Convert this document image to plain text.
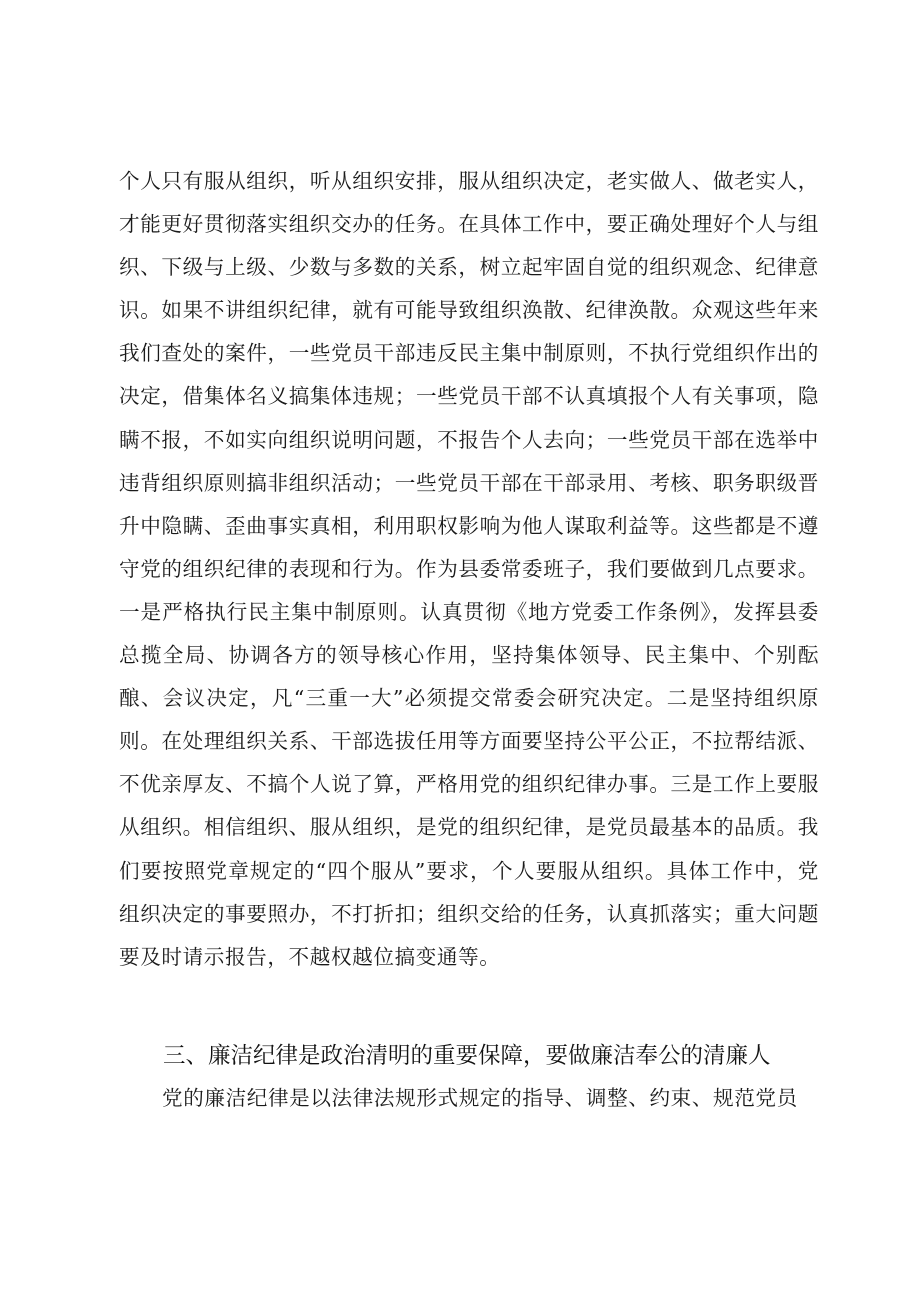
个人只有服从组织，听从组织安排，服从组织决定，老实做人、做老实人，才能更好贯彻落实组织交办的任务。在具体工作中，要正确处理好个人与组织、下级与上级、少数与多数的关系，树立起牢固自觉的组织观念、纪律意识。如果不讲组织纪律，就有可能导致组织涣散、纪律涣散。众观这些年来我们查处的案件，一些党员干部违反民主集中制原则，不执行党组织作出的决定，借集体名义搞集体违规；一些党员干部不认真填报个人有关事项，隐瞒不报，不如实向组织说明问题，不报告个人去向；一些党员干部在选举中违背组织原则搞非组织活动；一些党员干部在干部录用、考核、职务职级晋升中隐瞒、歪曲事实真相，利用职权影响为他人谋取利益等。这些都是不遵守党的组织纪律的表现和行为。作为县委常委班子，我们要做到几点要求。一是严格执行民主集中制原则。认真贯彻《地方党委工作条例》，发挥县委总揽全局、协调各方的领导核心作用，坚持集体领导、民主集中、个别酝酿、会议决定，凡“三重一大”必须提交常委会研究决定。二是坚持组织原则。在处理组织关系、干部选拔任用等方面要坚持公平公正，不拉帮结派、不优亲厚友、不搞个人说了算，严格用党的组织纪律办事。三是工作上要服从组织。相信组织、服从组织，是党的组织纪律，是党员最基本的品质。我们要按照党章规定的“四个服从”要求，个人要服从组织。具体工作中，党组织决定的事要照办，不打折扣；组织交给的任务，认真抓落实；重大问题要及时请示报告，不越权越位搞变通等。

三、廉洁纪律是政治清明的重要保障，要做廉洁奉公的清廉人

党的廉洁纪律是以法律法规形式规定的指导、调整、约束、规范党员
